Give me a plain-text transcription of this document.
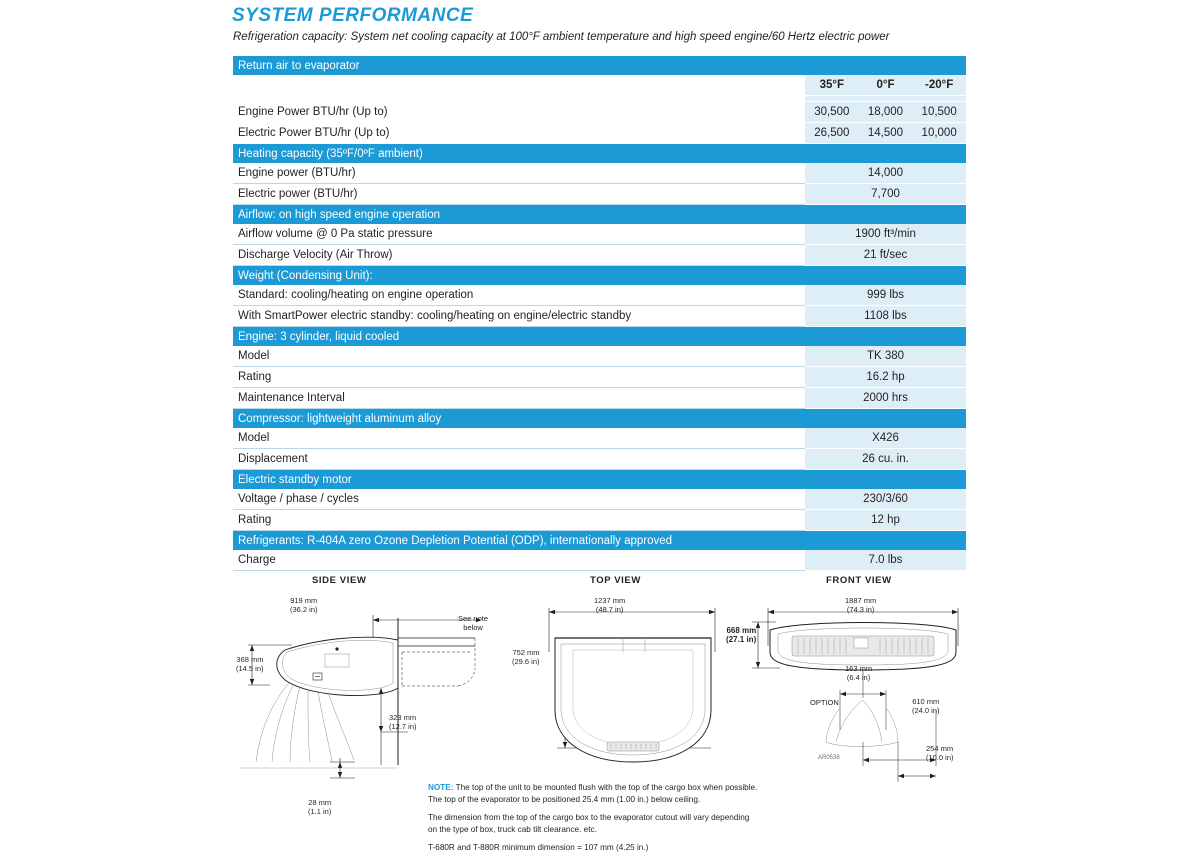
SYSTEM PERFORMANCE
Refrigeration capacity: System net cooling capacity at 100°F ambient temperature and high speed engine/60 Hertz electric power
Return air to evaporator

35°F	0°F	-20°F
Engine Power BTU/hr (Up to)	30,500	18,000	10,500
Electric Power BTU/hr (Up to)	26,500	14,500	10,000
Heating capacity (35ºF/0ºF ambient)
Engine power (BTU/hr)	14,000
Electric power (BTU/hr)	7,700
Airflow: on high speed engine operation
Airflow volume @ 0 Pa static pressure	1900 ft³/min
Discharge Velocity (Air Throw)	21 ft/sec
Weight (Condensing Unit):
Standard: cooling/heating on engine operation	999 lbs
With SmartPower electric standby: cooling/heating on engine/electric standby	1108 lbs
Engine: 3 cylinder, liquid cooled
Model	TK 380
Rating	16.2 hp
Maintenance Interval	2000 hrs
Compressor: lightweight aluminum alloy
Model	X426
Displacement	26 cu. in.
Electric standby motor
Voltage / phase / cycles	230/3/60
Rating	12 hp
Refrigerants: R-404A zero Ozone Depletion Potential (ODP), internationally approved
Charge	7.0 lbs
SIDE VIEW
919 mm
(36.2 in)
368 mm
(14.5 in)
323 mm
(12.7 in)
28 mm
(1.1 in)
See note
below
TOP VIEW
1237 mm
(48.7 in)
752 mm
(29.6 in)
FRONT VIEW
1887 mm
(74.3 in)
668 mm
(27.1 in)
163 mm
(6.4 in)
610 mm
(24.0 in)
254 mm
(10.0 in)
OPTION
AR0538

NOTE: The top of the unit to be mounted flush with the top of the cargo box when possible.
The top of the evaporator to be positioned 25.4 mm (1.00 in.) below ceiling.

The dimension from the top of the cargo box to the evaporator cutout will vary depending
on the type of box, truck cab tilt clearance. etc.

T-680R and T-880R minimum dimension = 107 mm (4.25 in.)
